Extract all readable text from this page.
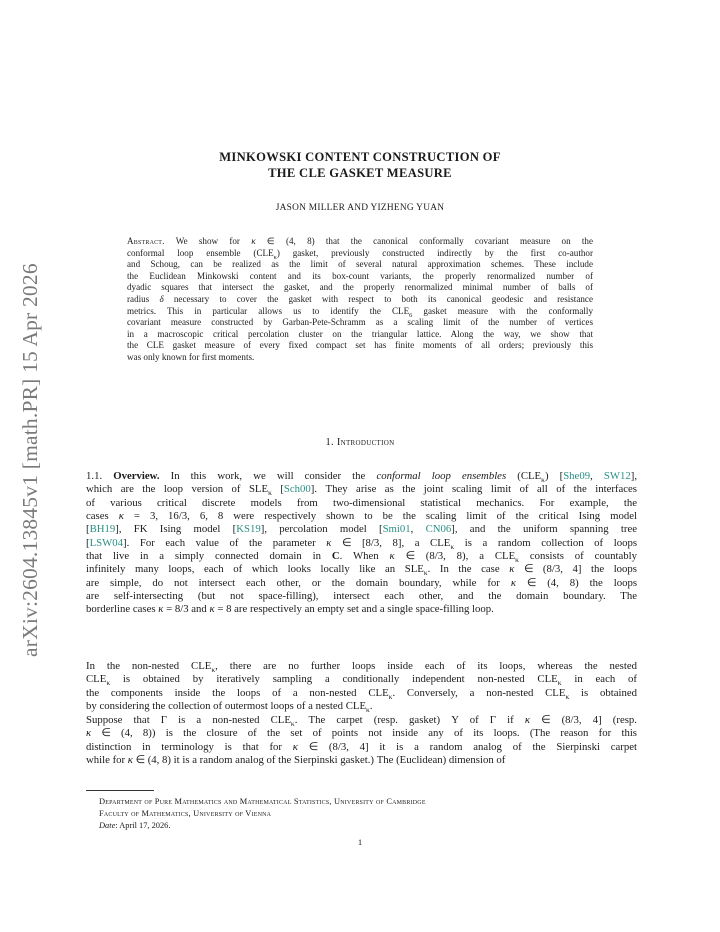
arXiv:2604.13845v1 [math.PR] 15 Apr 2026
MINKOWSKI CONTENT CONSTRUCTION OF
THE CLE GASKET MEASURE
JASON MILLER AND YIZHENG YUAN
Abstract. We show for κ ∈ (4, 8) that the canonical conformally covariant measure on the
conformal loop ensemble $(CLE_\kappa)$ gasket, previously constructed indirectly by the first co-author
and Schoug, can be realized as the limit of several natural approximation schemes. These include
the Euclidean Minkowski content and its box-count variants, the properly renormalized number of
dyadic squares that intersect the gasket, and the properly renormalized minimal number of balls of
radius δ necessary to cover the gasket with respect to both its canonical geodesic and resistance
metrics. This in particular allows us to identify the $CLE_6$ gasket measure with the conformally
covariant measure constructed by Garban-Pete-Schramm as a scaling limit of the number of vertices
in a macroscopic critical percolation cluster on the triangular lattice. Along the way, we show that
the CLE gasket measure of every fixed compact set has finite moments of all orders; previously this
was only known for first moments.
1. Introduction
1.1. Overview. In this work, we will consider the conformal loop ensembles $(CLE_\kappa)$ [She09, SW12],
which are the loop version of $SLE_\kappa$ [Sch00]. They arise as the joint scaling limit of all of the interfaces
of various critical discrete models from two-dimensional statistical mechanics. For example, the
cases κ = 3, 16/3, 6, 8 were respectively shown to be the scaling limit of the critical Ising model
[BH19], FK Ising model [KS19], percolation model [Smi01, CN06], and the uniform spanning tree
[LSW04]. For each value of the parameter κ ∈ [8/3, 8], a $CLE_\kappa$ is a random collection of loops
that live in a simply connected domain in C. When κ ∈ (8/3, 8), a $CLE_\kappa$ consists of countably
infinitely many loops, each of which looks locally like an $SLE_\kappa$. In the case κ ∈ (8/3, 4] the loops
are simple, do not intersect each other, or the domain boundary, while for κ ∈ (4, 8) the loops
are self-intersecting (but not space-filling), intersect each other, and the domain boundary. The
borderline cases κ = 8/3 and κ = 8 are respectively an empty set and a single space-filling loop.
In the non-nested $CLE_\kappa$, there are no further loops inside each of its loops, whereas the nested
$CLE_\kappa$ is obtained by iteratively sampling a conditionally independent non-nested $CLE_\kappa$ in each of
the components inside the loops of a non-nested $CLE_\kappa$. Conversely, a non-nested $CLE_\kappa$ is obtained
by considering the collection of outermost loops of a nested $CLE_\kappa$.
Suppose that Γ is a non-nested $CLE_\kappa$. The carpet (resp. gasket) Υ of Γ if κ ∈ (8/3, 4] (resp.
κ ∈ (4, 8)) is the closure of the set of points not inside any of its loops. (The reason for this
distinction in terminology is that for κ ∈ (8/3, 4] it is a random analog of the Sierpinski carpet
while for κ ∈ (4, 8) it is a random analog of the Sierpinski gasket.) The (Euclidean) dimension of
Department of Pure Mathematics and Mathematical Statistics, University of Cambridge
Faculty of Mathematics, University of Vienna
Date: April 17, 2026.
1
